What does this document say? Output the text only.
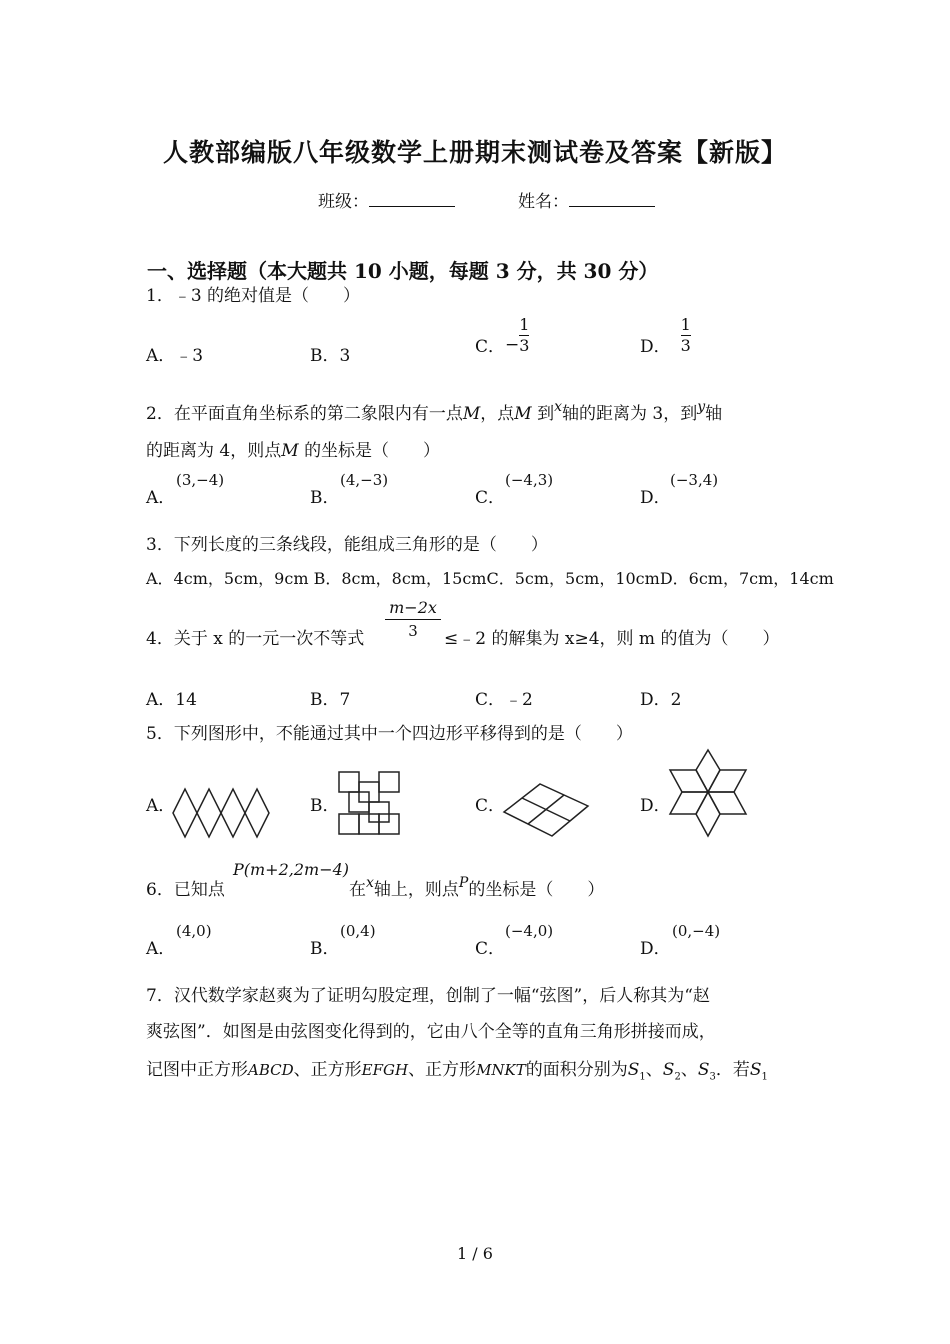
人教部编版八年级数学上册期末测试卷及答案【新版】
班级：	姓名：
一、选择题（本大题共 10 小题，每题 3 分，共 30 分）
1．﹣3 的绝对值是（　　）
A．﹣3	B．3	C． − $\frac{1}{3}$	D． $\frac{1}{3}$
2．在平面直角坐标系的第二象限内有一点M，点M 到$^x$轴的距离为 3，到$^y$轴
的距离为 4，则点M 的坐标是（　　）
A．
(3,−4)
B．
(4,−3)
C．
(−4,3)
D．
(−3,4)
3．下列长度的三条线段，能组成三角形的是（　　）
A．4cm，5cm，9cm B．8cm，8cm，15cmC．5cm，5cm，10cmD．6cm，7cm，14cm
4．关于 x 的一元一次不等式
m−2x
3	≤﹣2 的解集为 x≥4，则 m 的值为（　　）
A．14	B．7	C．﹣2	D．2
5．下列图形中，不能通过其中一个四边形平移得到的是（　　）
A．	B．	C．	D．
6．已知点
P(m+2,2m−4)
在$^x$轴上，则点$^P$的坐标是（　　）
A．
(4,0)
B．
(0,4)
C．
(−4,0)
D．
(0,−4)
7．汉代数学家赵爽为了证明勾股定理，创制了一幅“弦图”，后人称其为“赵
爽弦图”．如图是由弦图变化得到的，它由八个全等的直角三角形拼接而成，
记图中正方形ABCD、正方形EFGH、正方形MNKT的面积分别为$S_1$、$S_2$、$S_3$．若$S_1$
1 / 6
